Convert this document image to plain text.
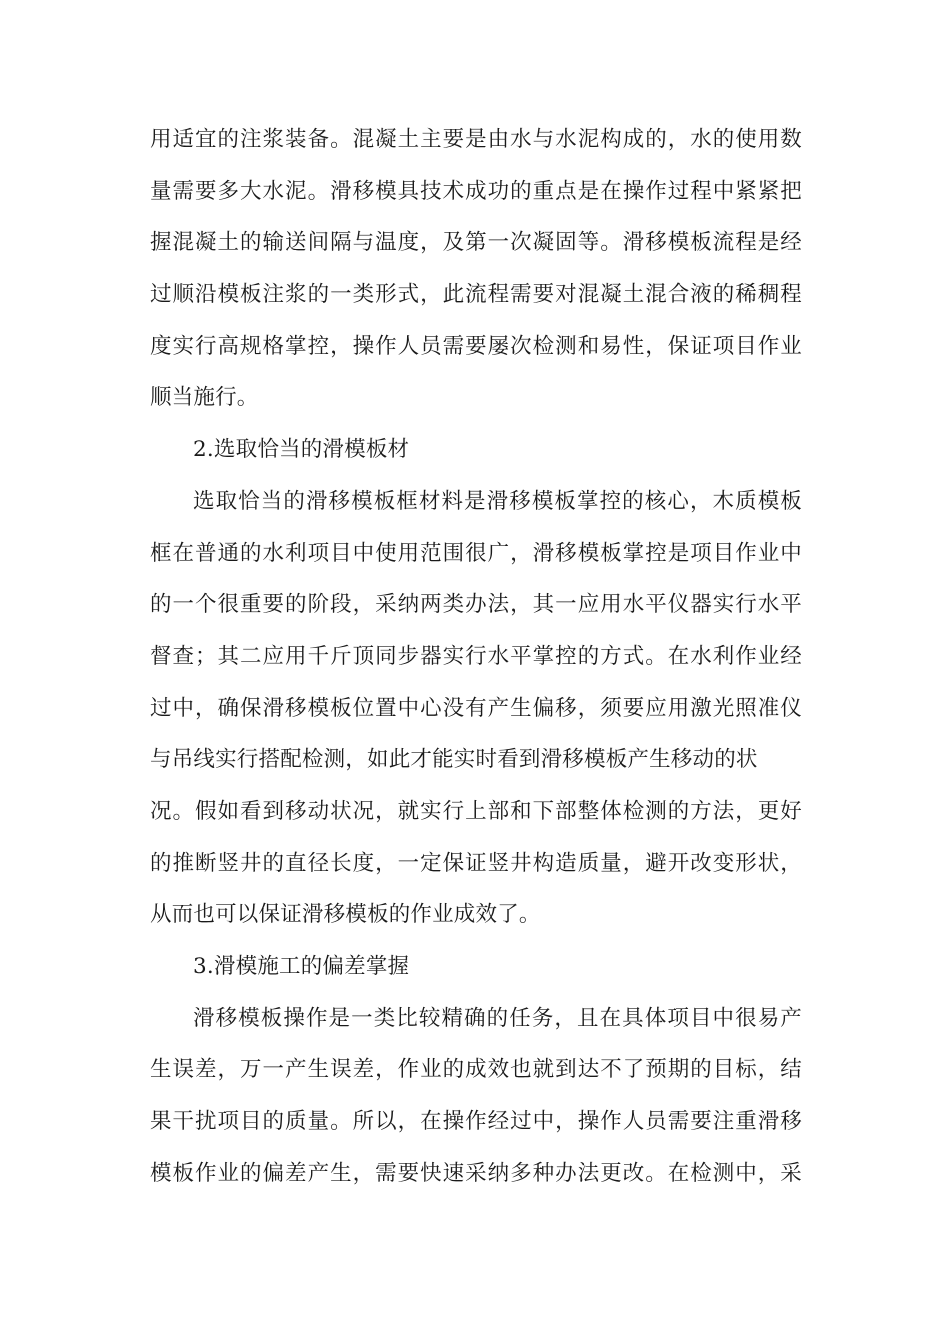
用适宜的注浆装备。混凝土主要是由水与水泥构成的，水的使用数
量需要多大水泥。滑移模具技术成功的重点是在操作过程中紧紧把
握混凝土的输送间隔与温度，及第一次凝固等。滑移模板流程是经
过顺沿模板注浆的一类形式，此流程需要对混凝土混合液的稀稠程
度实行高规格掌控，操作人员需要屡次检测和易性，保证项目作业
顺当施行。
2.选取恰当的滑模板材
选取恰当的滑移模板框材料是滑移模板掌控的核心，木质模板
框在普通的水利项目中使用范围很广，滑移模板掌控是项目作业中
的一个很重要的阶段，采纳两类办法，其一应用水平仪器实行水平
督查；其二应用千斤顶同步器实行水平掌控的方式。在水利作业经
过中，确保滑移模板位置中心没有产生偏移，须要应用激光照准仪
与吊线实行搭配检测，如此才能实时看到滑移模板产生移动的状
况。假如看到移动状况，就实行上部和下部整体检测的方法，更好
的推断竖井的直径长度，一定保证竖井构造质量，避开改变形状，
从而也可以保证滑移模板的作业成效了。
3.滑模施工的偏差掌握
滑移模板操作是一类比较精确的任务，且在具体项目中很易产
生误差，万一产生误差，作业的成效也就到达不了预期的目标，结
果干扰项目的质量。所以，在操作经过中，操作人员需要注重滑移
模板作业的偏差产生，需要快速采纳多种办法更改。在检测中，采
